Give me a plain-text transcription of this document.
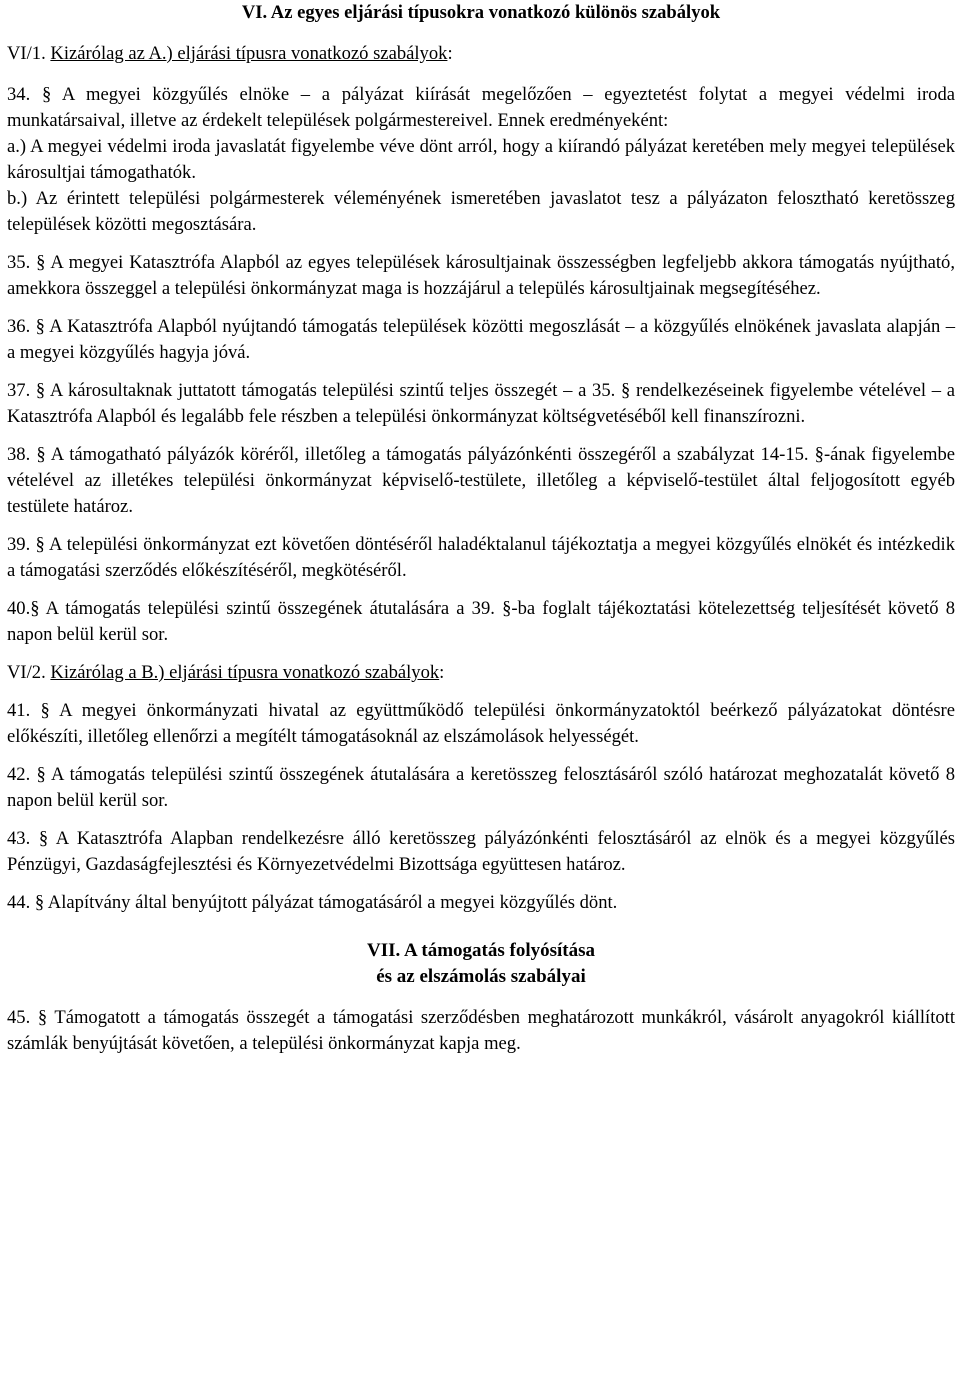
VI. Az egyes eljárási típusokra vonatkozó különös szabályok

VI/1. Kizárólag az A.) eljárási típusra vonatkozó szabályok:

34. § A megyei közgyűlés elnöke – a pályázat kiírását megelőzően – egyeztetést folytat a megyei védelmi iroda munkatársaival, illetve az érdekelt települések polgármestereivel. Ennek eredményeként:

a.) A megyei védelmi iroda javaslatát figyelembe véve dönt arról, hogy a kiírandó pályázat keretében mely megyei települések károsultjai támogathatók.

b.) Az érintett települési polgármesterek véleményének ismeretében javaslatot tesz a pályázaton felosztható keretösszeg települések közötti megosztására.

35. § A megyei Katasztrófa Alapból az egyes települések károsultjainak összességben legfeljebb akkora támogatás nyújtható, amekkora összeggel a települési önkormányzat maga is hozzájárul a település károsultjainak megsegítéséhez.

36. § A Katasztrófa Alapból nyújtandó támogatás települések közötti megoszlását – a közgyűlés elnökének javaslata alapján – a megyei közgyűlés hagyja jóvá.

37. § A károsultaknak juttatott támogatás települési szintű teljes összegét – a 35. § rendelkezéseinek figyelembe vételével – a Katasztrófa Alapból és legalább fele részben a települési önkormányzat költségvetéséből kell finanszírozni.

38. § A támogatható pályázók köréről, illetőleg a támogatás pályázónkénti összegéről a szabályzat 14-15. §-ának figyelembe vételével az illetékes települési önkormányzat képviselő-testülete, illetőleg a képviselő-testület által feljogosított egyéb testülete határoz.

39. § A települési önkormányzat ezt követően döntéséről haladéktalanul tájékoztatja a megyei közgyűlés elnökét és intézkedik a támogatási szerződés előkészítéséről, megkötéséről.

40.§ A támogatás települési szintű összegének átutalására a 39. §-ba foglalt tájékoztatási kötelezettség teljesítését követő 8 napon belül kerül sor.

VI/2. Kizárólag a B.) eljárási típusra vonatkozó szabályok:

41. § A megyei önkormányzati hivatal az együttműködő települési önkormányzatoktól beérkező pályázatokat döntésre előkészíti, illetőleg ellenőrzi a megítélt támogatásoknál az elszámolások helyességét.

42. § A támogatás települési szintű összegének átutalására a keretösszeg felosztásáról szóló határozat meghozatalát követő 8 napon belül kerül sor.

43. § A Katasztrófa Alapban rendelkezésre álló keretösszeg pályázónkénti felosztásáról az elnök és a megyei közgyűlés Pénzügyi, Gazdaságfejlesztési és Környezetvédelmi Bizottsága együttesen határoz.

44. § Alapítvány által benyújtott pályázat támogatásáról a megyei közgyűlés dönt.

VII. A támogatás folyósítása

és az elszámolás szabályai

45. § Támogatott a támogatás összegét a támogatási szerződésben meghatározott munkákról, vásárolt anyagokról kiállított számlák benyújtását követően, a települési önkormányzat kapja meg.
